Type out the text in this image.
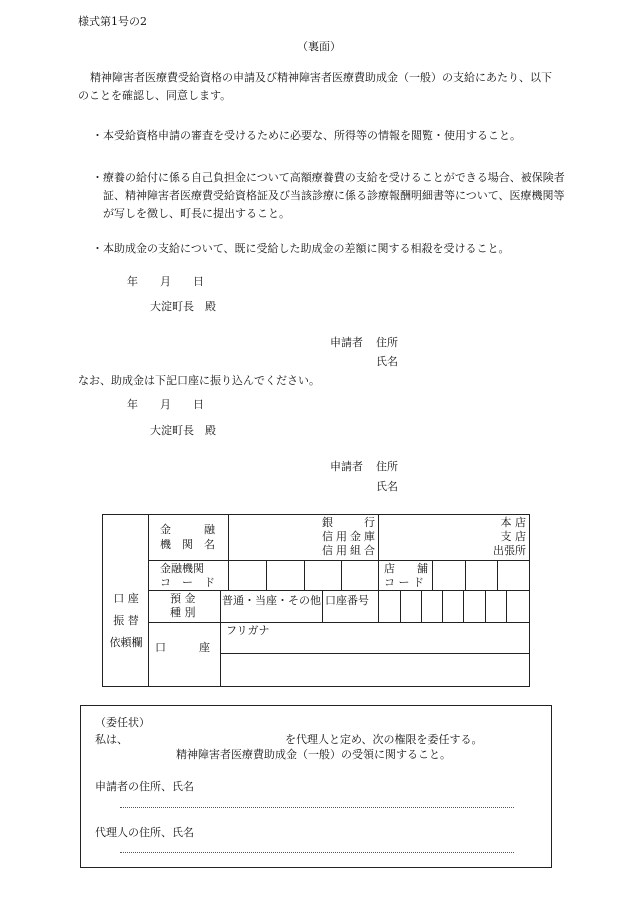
様式第1号の2
（裏面）
精神障害者医療費受給資格の申請及び精神障害者医療費助成金（一般）の支給にあたり、以下のことを確認し、同意します。
・本受給資格申請の審査を受けるために必要な、所得等の情報を閲覧・使用すること。
・療養の給付に係る自己負担金について高額療養費の支給を受けることができる場合、被保険者証、精神障害者医療費受給資格証及び当該診療に係る診療報酬明細書等について、医療機関等が写しを徴し、町長に提出すること。
・本助成金の支給について、既に受給した助成金の差額に関する相殺を受けること。
年　　月　　日
大淀町長　殿
申請者 住所
氏名
なお、助成金は下記口座に振り込んでください。
年　　月　　日
大淀町長　殿
申請者 住所
氏名
口 座
振 替
依頼欄
金　　　融
機　関　名
銀　　行
信用金庫
信用組合
本 店
支 店
出張所
金融機関
コ　ー　ド
店　　舗
コ ー ド
預 金
種 別
普通・当座・その他 口座番号
フリガナ
口　　　座
（委任状）
私は、	を代理人と定め、次の権限を委任する。
精神障害者医療費助成金（一般）の受領に関すること。
申請者の住所、氏名
代理人の住所、氏名
